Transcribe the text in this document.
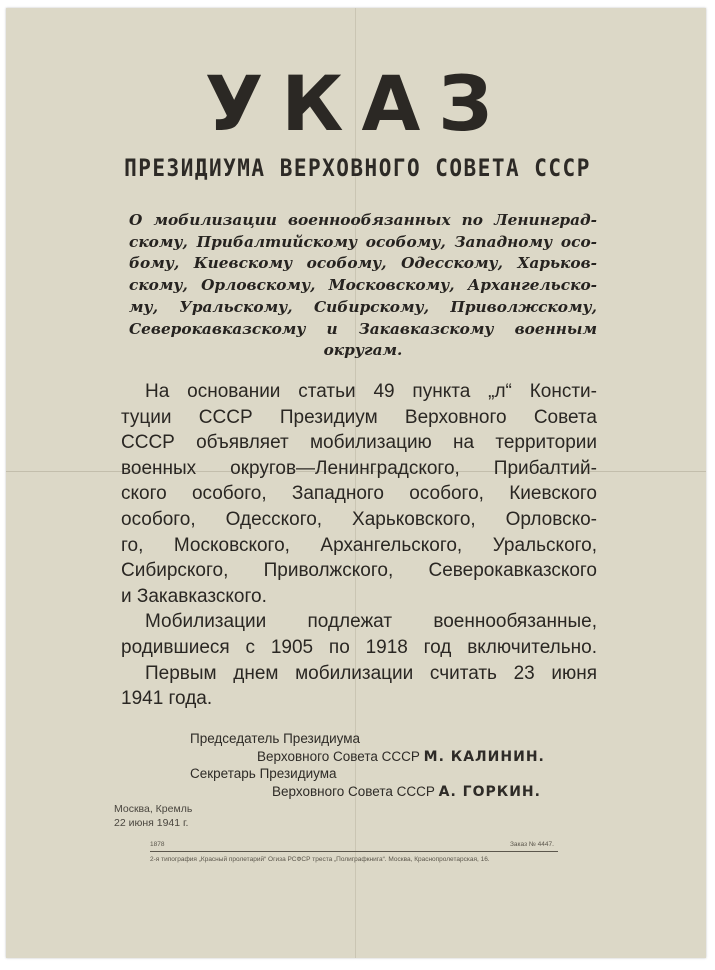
УКАЗ
ПРЕЗИДИУМА ВЕРХОВНОГО СОВЕТА СССР
О мобилизации военнообязанных по Ленинград-
скому, Прибалтийскому особому, Западному осо-
бому, Киевскому особому, Одесскому, Харьков-
скому, Орловскому, Московскому, Архангельско-
му, Уральскому, Сибирскому, Приволжскому,
Северокавказскому и Закавказскому военным
округам.
На основании статьи 49 пункта „л“ Консти-
туции СССР Президиум Верховного Совета
СССР объявляет мобилизацию на территории
военных округов—Ленинградского, Прибалтий-
ского особого, Западного особого, Киевского
особого, Одесского, Харьковского, Орловско-
го, Московского, Архангельского, Уральского,
Сибирского, Приволжского, Северокавказского
и Закавказского.
Мобилизации подлежат военнообязанные,
родившиеся с 1905 по 1918 год включительно.
Первым днем мобилизации считать 23 июня
1941 года.
Председатель Президиума
Верховного Совета СССР М. КАЛИНИН.
Секретарь Президиума
Верховного Совета СССР А. ГОРКИН.
Москва, Кремль
22 июня 1941 г.
1878	Заказ № 4447.
2-я типография „Красный пролетарий“ Огиза РСФСР треста „Полиграфкнига“. Москва, Краснопролетарская, 16.
